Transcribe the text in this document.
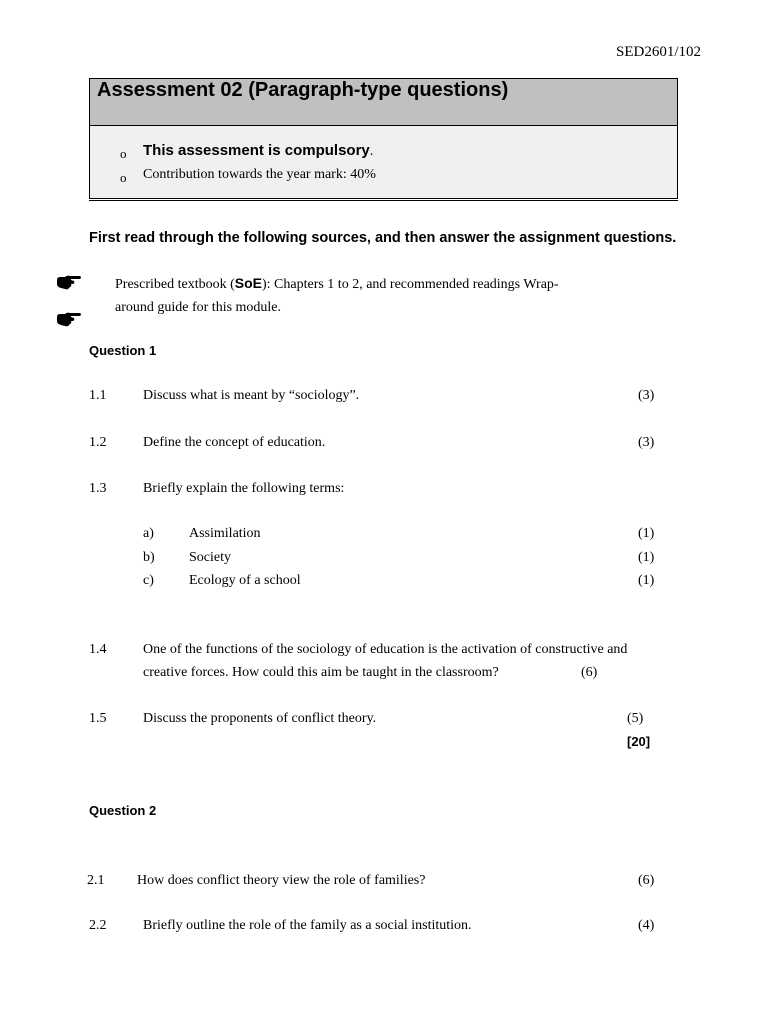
SED2601/102
Assessment 02 (Paragraph-type questions)
o This assessment is compulsory.
o Contribution towards the year mark: 40%
First read through the following sources, and then answer the assignment questions.
Prescribed textbook (SoE): Chapters 1 to 2, and recommended readings Wrap-
around guide for this module.
Question 1
1.1	Discuss what is meant by “sociology”.	(3)
1.2	Define the concept of education.	(3)
1.3	Briefly explain the following terms:
a)	Assimilation	(1)
b) Society	(1)
c)	Ecology of a school	(1)
1.4	One of the functions of the sociology of education is the activation of constructive and
creative forces. How could this aim be taught in the classroom?	(6)
1.5	Discuss the proponents of conflict theory.	(5)
[20]
Question 2
2.1 How does conflict theory view the role of families?	(6)
2.2	Briefly outline the role of the family as a social institution.	(4)
